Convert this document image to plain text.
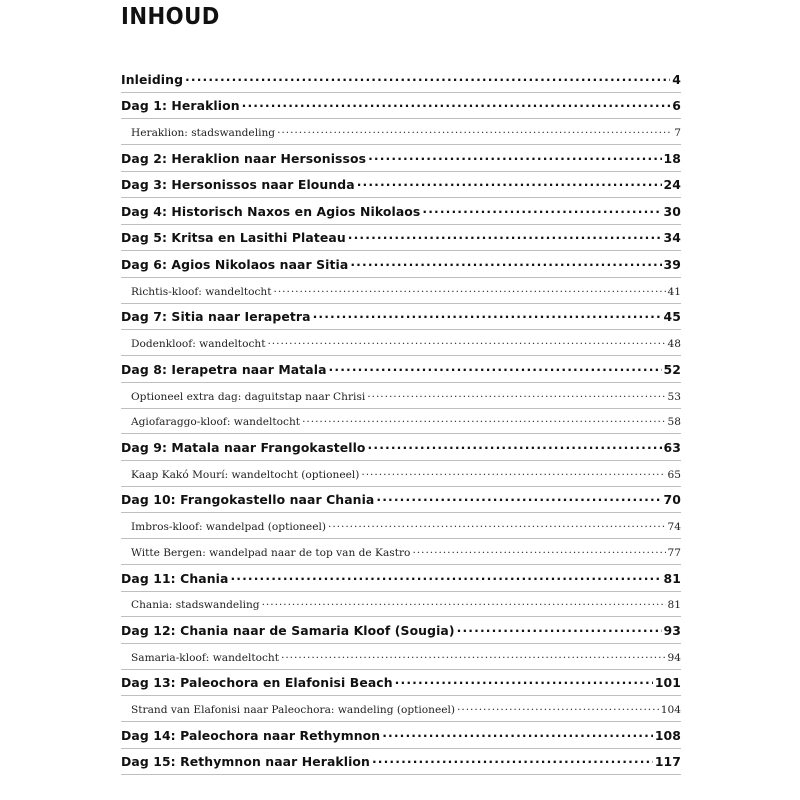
INHOUD
Inleiding . . .	4
Dag 1: Heraklion . . .	6
Heraklion: stadswandeling . . .	7
Dag 2: Heraklion naar Hersonissos . . .	18
Dag 3: Hersonissos naar Elounda . . .	24
Dag 4: Historisch Naxos en Agios Nikolaos . . .	30
Dag 5: Kritsa en Lasithi Plateau . . .	34
Dag 6: Agios Nikolaos naar Sitia . . .	39
Richtis-kloof: wandeltocht . . .	41
Dag 7: Sitia naar Ierapetra . . .	45
Dodenkloof: wandeltocht . . .	48
Dag 8: Ierapetra naar Matala . . .	52
Optioneel extra dag: daguitstap naar Chrisi . . .	53
Agiofaraggo-kloof: wandeltocht . . .	58
Dag 9: Matala naar Frangokastello . . .	63
Kaap Kakó Mourí: wandeltocht (optioneel) . . .	65
Dag 10: Frangokastello naar Chania . . .	70
Imbros-kloof: wandelpad (optioneel) . . .	74
Witte Bergen: wandelpad naar de top van de Kastro . . .	77
Dag 11: Chania . . .	81
Chania: stadswandeling . . .	81
Dag 12: Chania naar de Samaria Kloof (Sougia) . . .	93
Samaria-kloof: wandeltocht . . .	94
Dag 13: Paleochora en Elafonisi Beach . . .	101
Strand van Elafonisi naar Paleochora: wandeling (optioneel) . . .	104
Dag 14: Paleochora naar Rethymnon . . .	108
Dag 15: Rethymnon naar Heraklion . . .	117
